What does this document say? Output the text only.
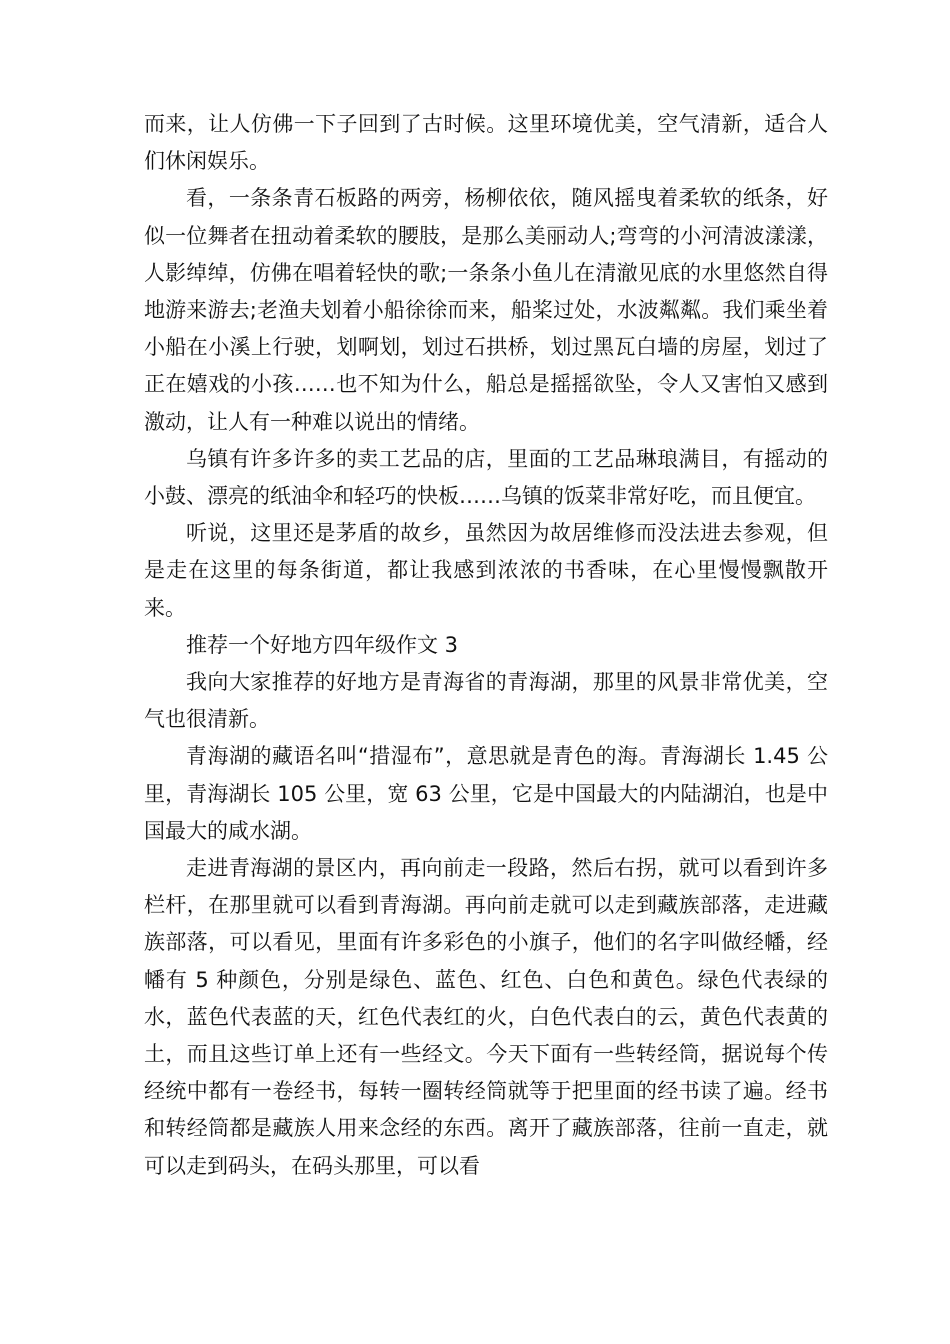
而来，让人仿佛一下子回到了古时候。这里环境优美，空气清新，适合人们休闲娱乐。

看，一条条青石板路的两旁，杨柳依依，随风摇曳着柔软的纸条，好似一位舞者在扭动着柔软的腰肢，是那么美丽动人;弯弯的小河清波漾漾，人影绰绰，仿佛在唱着轻快的歌;一条条小鱼儿在清澈见底的水里悠然自得地游来游去;老渔夫划着小船徐徐而来，船桨过处，水波粼粼。我们乘坐着小船在小溪上行驶，划啊划，划过石拱桥，划过黑瓦白墙的房屋，划过了正在嬉戏的小孩……也不知为什么，船总是摇摇欲坠，令人又害怕又感到激动，让人有一种难以说出的情绪。

乌镇有许多许多的卖工艺品的店，里面的工艺品琳琅满目，有摇动的小鼓、漂亮的纸油伞和轻巧的快板……乌镇的饭菜非常好吃，而且便宜。

听说，这里还是茅盾的故乡，虽然因为故居维修而没法进去参观，但是走在这里的每条街道，都让我感到浓浓的书香味，在心里慢慢飘散开来。

推荐一个好地方四年级作文 3

我向大家推荐的好地方是青海省的青海湖，那里的风景非常优美，空气也很清新。

青海湖的藏语名叫“措湿布”，意思就是青色的海。青海湖长 1.45 公里，青海湖长 105 公里，宽 63 公里，它是中国最大的内陆湖泊，也是中国最大的咸水湖。

走进青海湖的景区内，再向前走一段路，然后右拐，就可以看到许多栏杆，在那里就可以看到青海湖。再向前走就可以走到藏族部落，走进藏族部落，可以看见，里面有许多彩色的小旗子，他们的名字叫做经幡，经幡有 5 种颜色，分别是绿色、蓝色、红色、白色和黄色。绿色代表绿的水，蓝色代表蓝的天，红色代表红的火，白色代表白的云，黄色代表黄的土，而且这些订单上还有一些经文。今天下面有一些转经筒，据说每个传经统中都有一卷经书，每转一圈转经筒就等于把里面的经书读了遍。经书和转经筒都是藏族人用来念经的东西。离开了藏族部落，往前一直走，就可以走到码头，在码头那里，可以看
